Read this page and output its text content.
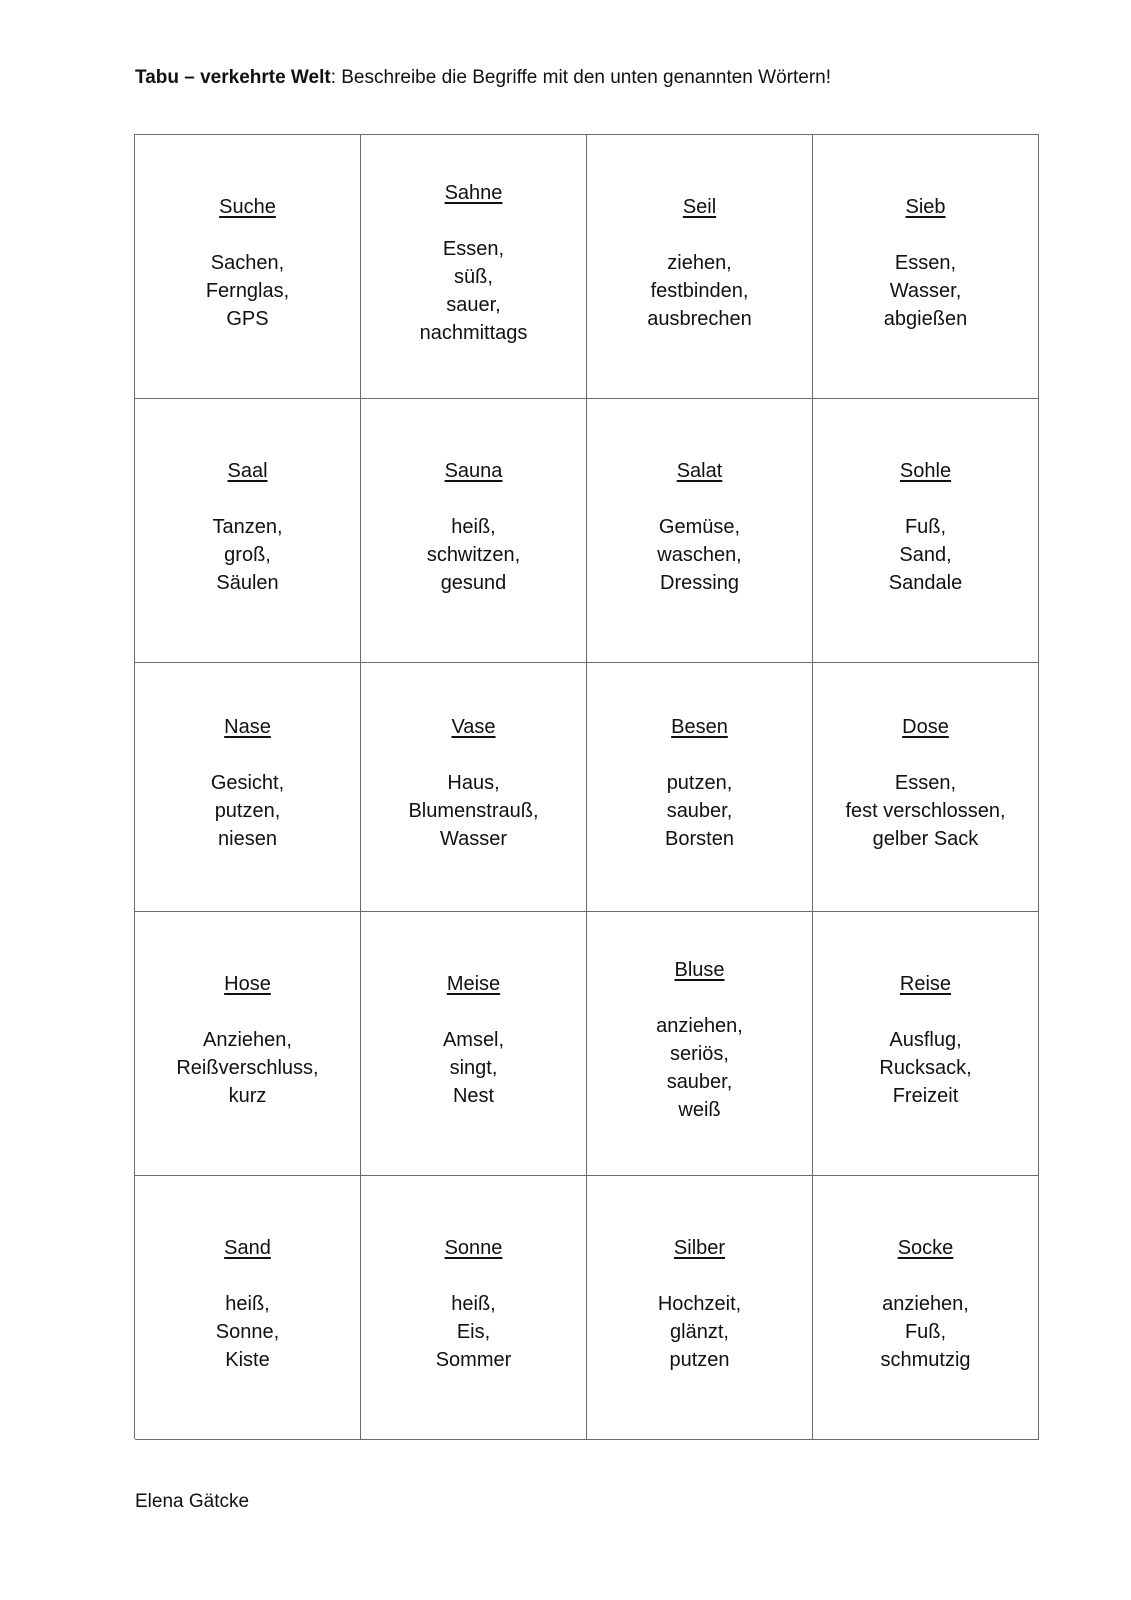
Tabu – verkehrte Welt: Beschreibe die Begriffe mit den unten genannten Wörtern!
Suche
Sachen,
Fernglas,
GPS
Sahne
Essen,
süß,
sauer,
nachmittags
Seil
ziehen,
festbinden,
ausbrechen
Sieb
Essen,
Wasser,
abgießen
Saal
Tanzen,
groß,
Säulen
Sauna
heiß,
schwitzen,
gesund
Salat
Gemüse,
waschen,
Dressing
Sohle
Fuß,
Sand,
Sandale
Nase
Gesicht,
putzen,
niesen
Vase
Haus,
Blumenstrauß,
Wasser
Besen
putzen,
sauber,
Borsten
Dose
Essen,
fest verschlossen,
gelber Sack
Hose
Anziehen,
Reißverschluss,
kurz
Meise
Amsel,
singt,
Nest
Bluse
anziehen,
seriös,
sauber,
weiß
Reise
Ausflug,
Rucksack,
Freizeit
Sand
heiß,
Sonne,
Kiste
Sonne
heiß,
Eis,
Sommer
Silber
Hochzeit,
glänzt,
putzen
Socke
anziehen,
Fuß,
schmutzig
Elena Gätcke
